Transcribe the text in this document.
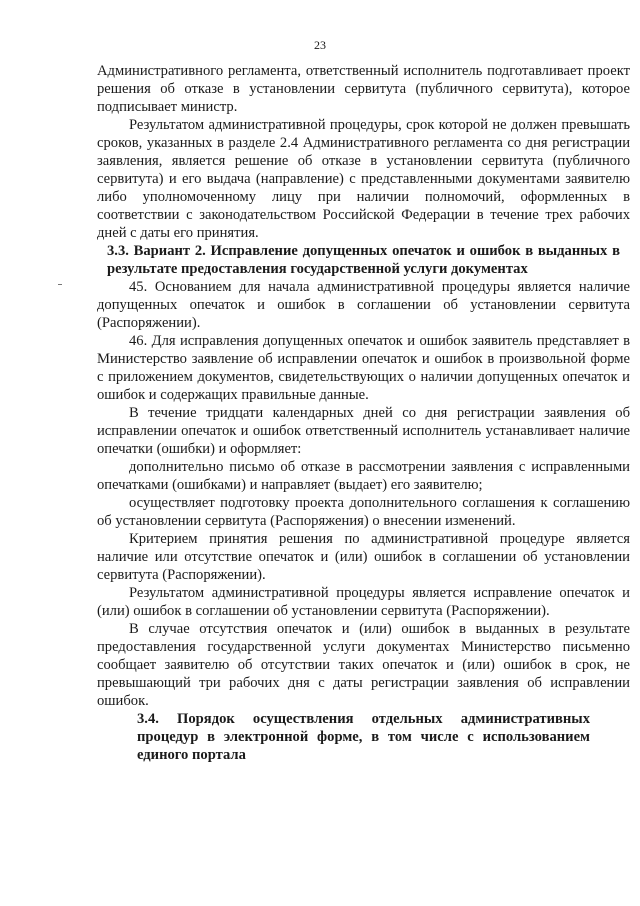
23

Административного регламента, ответственный исполнитель подготавливает проект решения об отказе в установлении сервитута (публичного сервитута), которое подписывает министр.

Результатом административной процедуры, срок которой не должен превышать сроков, указанных в разделе 2.4 Административного регламента со дня регистрации заявления, является решение об отказе в установлении сервитута (публичного сервитута) и его выдача (направление) с представленными документами заявителю либо уполномоченному лицу при наличии полномочий, оформленных в соответствии с законодательством Российской Федерации в течение трех рабочих дней с даты его принятия.

3.3. Вариант 2. Исправление допущенных опечаток и ошибок в выданных в результате предоставления государственной услуги документах

45. Основанием для начала административной процедуры является наличие допущенных опечаток и ошибок в соглашении об установлении сервитута (Распоряжении).

46. Для исправления допущенных опечаток и ошибок заявитель представляет в Министерство заявление об исправлении опечаток и ошибок в произвольной форме с приложением документов, свидетельствующих о наличии допущенных опечаток и ошибок и содержащих правильные данные.

В течение тридцати календарных дней со дня регистрации заявления об исправлении опечаток и ошибок ответственный исполнитель устанавливает наличие опечатки (ошибки) и оформляет:

дополнительно письмо об отказе в рассмотрении заявления с исправленными опечатками (ошибками) и направляет (выдает) его заявителю;

осуществляет подготовку проекта дополнительного соглашения к соглашению об установлении сервитута (Распоряжения) о внесении изменений.

Критерием принятия решения по административной процедуре является наличие или отсутствие опечаток и (или) ошибок в соглашении об установлении сервитута (Распоряжении).

Результатом административной процедуры является исправление опечаток и (или) ошибок в соглашении об установлении сервитута (Распоряжении).

В случае отсутствия опечаток и (или) ошибок в выданных в результате предоставления государственной услуги документах Министерство письменно сообщает заявителю об отсутствии таких опечаток и (или) ошибок в срок, не превышающий три рабочих дня с даты регистрации заявления об исправлении ошибок.

3.4. Порядок осуществления отдельных административных процедур в электронной форме, в том числе с использованием единого портала
